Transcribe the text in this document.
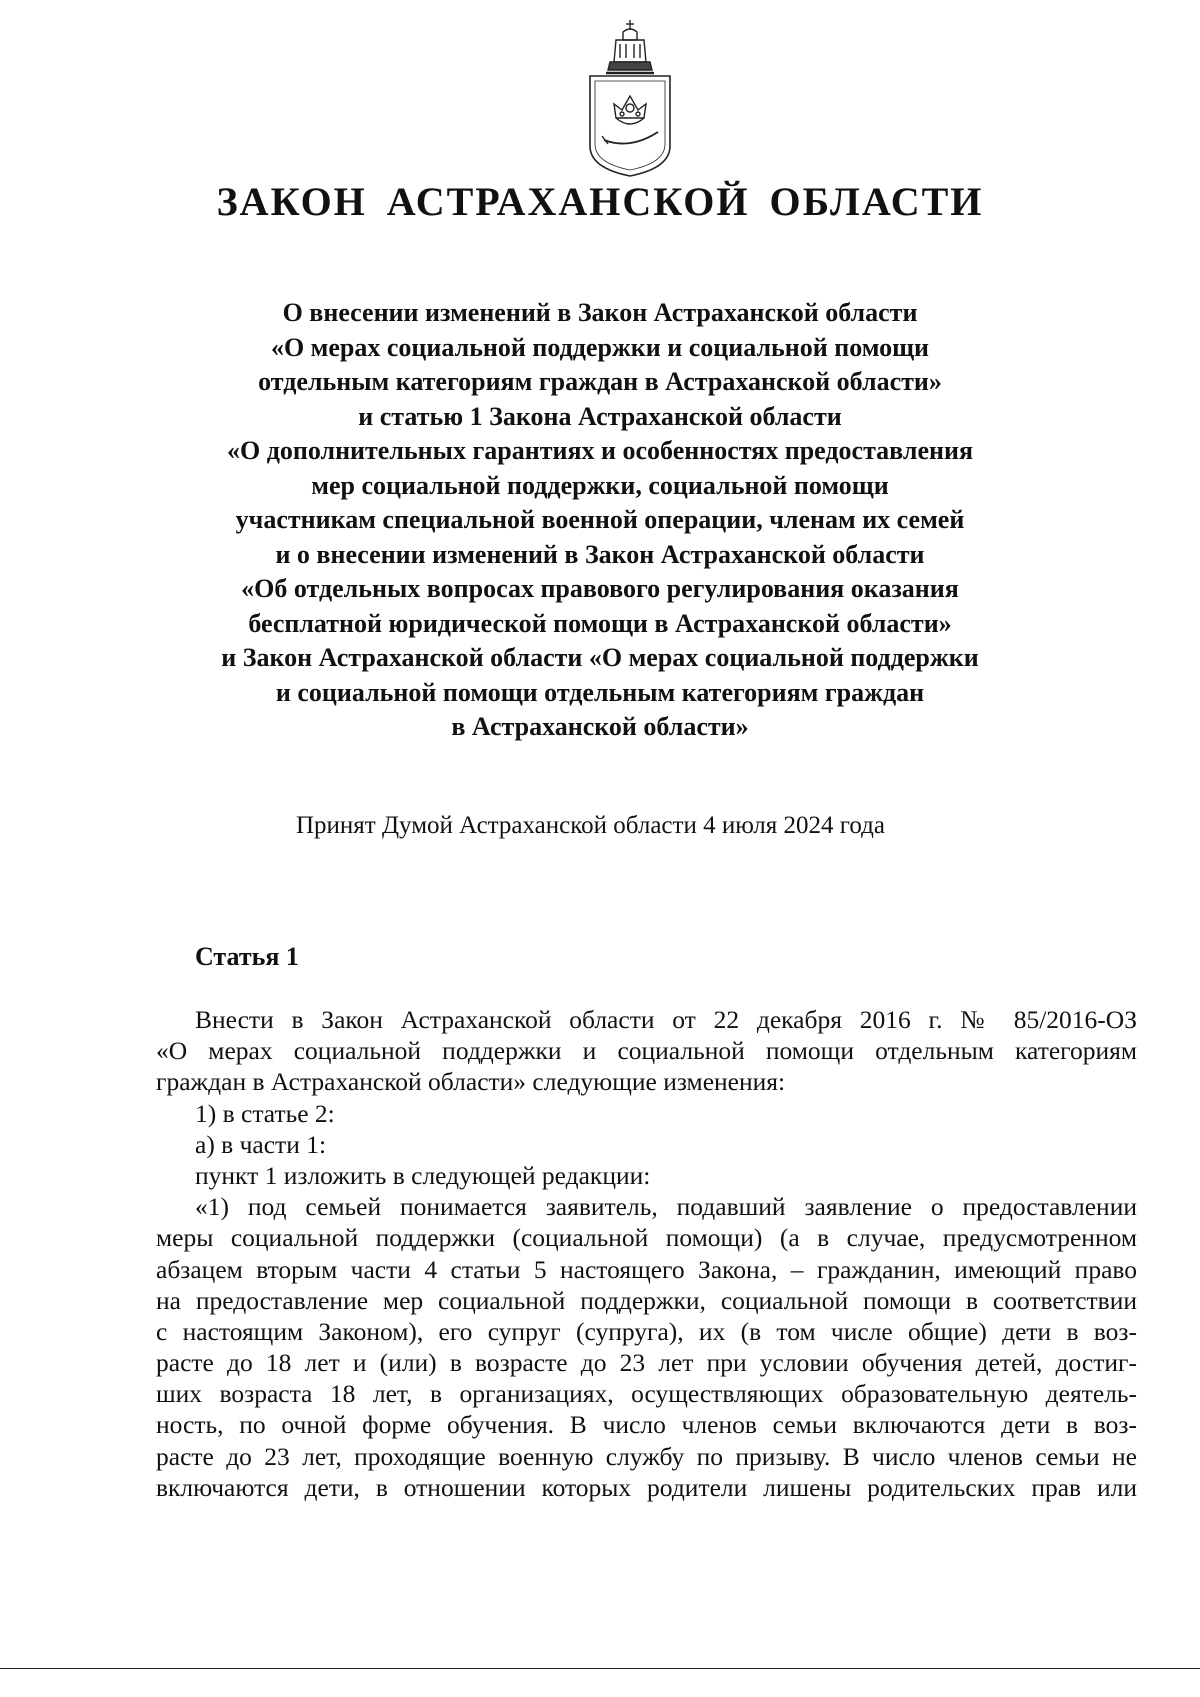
ЗАКОН АСТРАХАНСКОЙ ОБЛАСТИ
О внесении изменений в Закон Астраханской области
«О мерах социальной поддержки и социальной помощи
отдельным категориям граждан в Астраханской области»
и статью 1 Закона Астраханской области
«О дополнительных гарантиях и особенностях предоставления
мер социальной поддержки, социальной помощи
участникам специальной военной операции, членам их семей
и о внесении изменений в Закон Астраханской области
«Об отдельных вопросах правового регулирования оказания
бесплатной юридической помощи в Астраханской области»
и Закон Астраханской области «О мерах социальной поддержки
и социальной помощи отдельным категориям граждан
в Астраханской области»

Принят Думой Астраханской области 4 июля 2024 года

Статья 1
Внести в Закон Астраханской области от 22 декабря 2016 г. № 85/2016-ОЗ
«О мерах социальной поддержки и социальной помощи отдельным категориям
граждан в Астраханской области» следующие изменения:
1) в статье 2:
а) в части 1:
пункт 1 изложить в следующей редакции:
«1) под семьей понимается заявитель, подавший заявление о предоставлении
меры социальной поддержки (социальной помощи) (а в случае, предусмотренном
абзацем вторым части 4 статьи 5 настоящего Закона, – гражданин, имеющий право
на предоставление мер социальной поддержки, социальной помощи в соответствии
с настоящим Законом), его супруг (супруга), их (в том числе общие) дети в воз-
расте до 18 лет и (или) в возрасте до 23 лет при условии обучения детей, достиг-
ших возраста 18 лет, в организациях, осуществляющих образовательную деятель-
ность, по очной форме обучения. В число членов семьи включаются дети в воз-
расте до 23 лет, проходящие военную службу по призыву. В число членов семьи не
включаются дети, в отношении которых родители лишены родительских прав или
